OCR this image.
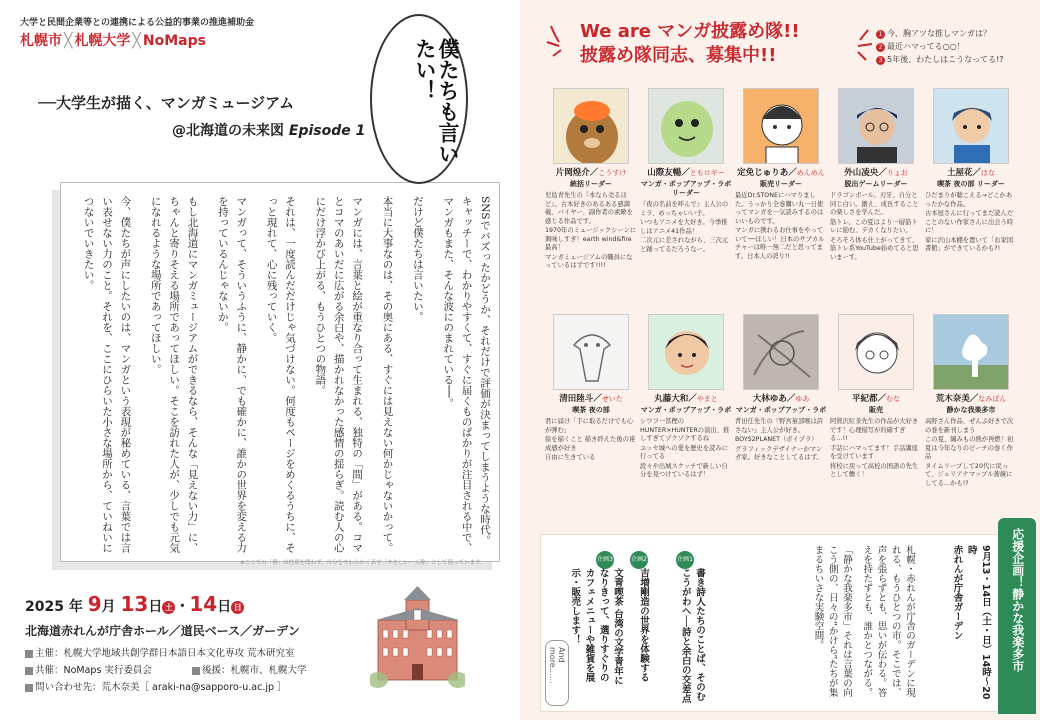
大学と民間企業等との連携による公益的事業の推進補助金
札幌市 ╳ 札幌大学 ╳ NoMaps
──大学生が描く、マンガミュージアム
@北海道の未来図 Episode 1

SNSでバズったかどうか、それだけで評価が決まってしまうような時代。キャッチーで、わかりやすくて、すぐに届くものばかりが注目される中で、マンガもまた、そんな波にのまれている──。

だけど僕たちは言いたい。

本当に大事なのは、その奥にある、すぐには見えない何かじゃないかって。

マンガには、言葉と絵が重なり合って生まれる、独特の「間」がある。コマとコマのあいだに広がる余白や、描かれなかった感情の揺らぎ。読む人の心にだけ浮かび上がる、もうひとつの物語。

それは、一度読んだだけじゃ気づけない。何度もページをめくるうちに、そっと現れて、心に残っていく。

マンガって、そういうふうに、静かに、でも確かに、誰かの世界を変える力を持っているんじゃないか。

もし北海道にマンガミュージアムができるなら、そんな「見えない力」に、ちゃんと寄りそえる場所であってほしい。そこを訪れた人が、少しでも元気になれるような場所であってほしい。

今、僕たちが声にしたいのは、マンガという表現が秘めている、言葉では言い表せない力のこと。それを、ここにひらいた小さな場所から、ていねいにつないでいきたい。

※ここでの「僕」は性別を問わず、自分をやわらかく表す「やさしい一人称」として使っています。
2025 年 9月 13日 土 ・14日 日
北海道赤れんが庁舎ホール／道民ベース／ガーデン
主催：札幌大学地域共創学群日本語日本文化専攻 荒木研究室
共催：NoMaps 実行委員会	後援：札幌市、札幌大学
問い合わせ先：荒木奈美［ araki-na@sapporo-u.ac.jp ］
僕たちも言いたい！
We are マンガ披露め隊!!
披露め隊同志、募集中!!
1 今、胸アツな推しマンガは？
2 最近ハマってる○○！
3 5年後、わたしはこうなってる!?
片岡煌介／こうすけ
統括リーダー
児島青先生の『本なら売るほど』。古本好きのあるある感満載、バイヤー、副作者の素敵を感じる作品です。
1970年のミュージックシーンに興味しすぎ！earth wind&fire最高！
マンガミュージアムの職員になっているはずです!!!!
山際友暢／ともロギー
マンガ・ポップアップ・ラボ リーダー
『夜の名前を呼んで』主人公のミラ、めっちゃいい子。
いつもアニメを大好き。今季推しはアニメ41作品！
二次元に差されながら、三次元と踊ってるだろうなー。
定免じゅりあ／めんめん
販売リーダー
最近Dr.STONEにハマりました。うっかり全巻購い丸一日使ってマンガを一気読みするのはいいものです。
マンガに携わるお仕事をやっていて──ほしい！日本のサブカルチャーは唯一無二だと思ってます。日本人の誇り!!
外山凌央／りょお
脱出ゲームリーダー
ドラゴンボール。刃牙。自分と同じ白い。鍛え、成長することの楽しさを学んだ。
筋トレ。この夏はより一層筋トレに励む。デカくなりたい。
そろそろ体も仕上がってきて、筋トレ系YouTube始めてると思いまーす。
土屋花／はな
喫茶 夜の部 リーダー
ひだまりが聴こえる→どこかあったかな作品。
古本屋さんに行ってまだ読んだことのない作家さんに出会う時に！
家に沢山本棚を置いて「お家図書館」ができているかも?!
清田陸斗／せいた
喫茶 夜の部
君に届け「手に取るだけでも心が弾む」
絵を描くこと 描き終えた後の達成感が好き
自由に生きている
丸藤大和／やまと
マンガ・ポップアップ・ラボ
シワフ一冨樫のHUNTER×HUNTERの演出、推しすぎてゾクゾクするね
ユッセ城への愛を歴史を読みに行ってる
段々や出城スケッチで新しい自分を見つけているはず！
大林ゆあ／ゆあ
マンガ・ポップアップ・ラボ
背田任先生の『野宮菫部喉は許さない』主人公が好き。
BOYS2PLANET（ボイプラ）
グラフィックデザイナーかマンガ家。好きなことしてるはず。
平紀都／むな
販売
阿賀沢紅茶先生の作品が大好きです！心理描写が的確すぎる…!!
手話にハマってます！手話講座を受けています
将校に戻って高校の国語の先生として働く！
荒木奈美／なみぼん
静かな我楽多市
高野さん作品、ぜんぶ好きで次の巻を新刊しまう
この夏、編みもの熱が再燃！初夏は今年なりのビーチの巻く作品
タイムリープして20代に戻って、ジェリアナマップル薔薇にしてる…かも!?
9月13・14日（土・日）14時～20時
赤れんが庁舎ガーデン
札幌・赤れんが庁舎のガーデンに現れる、もうひとつの市。そこでは、声を張らずとも、思いが伝わる。答えを持たずとも、誰かとつながる。
「静かな我楽多市」それは言葉の向こう側の、日々の“かけら”たちが集まるちいさな実験空間。
企画1
書き詩人たちのことば、そのむこうがわへ──詩と余白の交差点
企画2
吉増剛造の世界を体験する
企画3
文青喫茶 台湾の文学青年になりきって、選りすぐりのカフェメニューや雑貨を展示・販売します！
And more……	応援企画！静かな我楽多市
